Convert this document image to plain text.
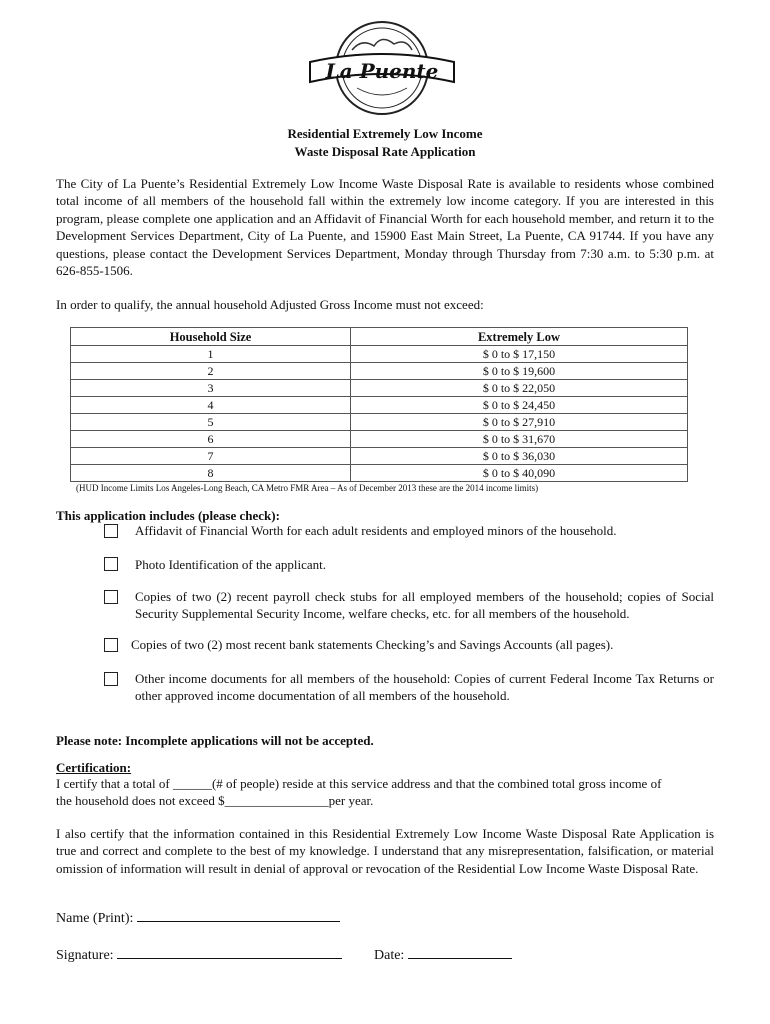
La Puente
Residential Extremely Low Income
Waste Disposal Rate Application
The City of La Puente’s Residential Extremely Low Income Waste Disposal Rate is available to residents whose combined total income of all members of the household fall within the extremely low income category. If you are interested in this program, please complete one application and an Affidavit of Financial Worth for each household member, and return it to the Development Services Department, City of La Puente, and 15900 East Main Street, La Puente, CA 91744. If you have any questions, please contact the Development Services Department, Monday through Thursday from 7:30 a.m. to 5:30 p.m. at 626-855-1506.
In order to qualify, the annual household Adjusted Gross Income must not exceed:
Household Size	Extremely Low
1	$ 0 to $ 17,150
2	$ 0 to $ 19,600
3	$ 0 to $ 22,050
4	$ 0 to $ 24,450
5	$ 0 to $ 27,910
6	$ 0 to $ 31,670
7	$ 0 to $ 36,030
8	$ 0 to $ 40,090
(HUD Income Limits Los Angeles-Long Beach, CA Metro FMR Area – As of December 2013 these are the 2014 income limits)
This application includes (please check):
Affidavit of Financial Worth for each adult residents and employed minors of the household.
Photo Identification of the applicant.
Copies of two (2) recent payroll check stubs for all employed members of the household; copies of Social Security Supplemental Security Income, welfare checks, etc. for all members of the household.
Copies of two (2) most recent bank statements Checking’s and Savings Accounts (all pages).
Other income documents for all members of the household: Copies of current Federal Income Tax Returns or other approved income documentation of all members of the household.
Please note: Incomplete applications will not be accepted.
Certification:
I certify that a total of ______(# of people) reside at this service address and that the combined total gross income of
the household does not exceed $________________per year.
I also certify that the information contained in this Residential Extremely Low Income Waste Disposal Rate Application is true and correct and complete to the best of my knowledge. I understand that any misrepresentation, falsification, or material omission of information will result in denial of approval or revocation of the Residential Low Income Waste Disposal Rate.
Name (Print):
Signature:	Date:
